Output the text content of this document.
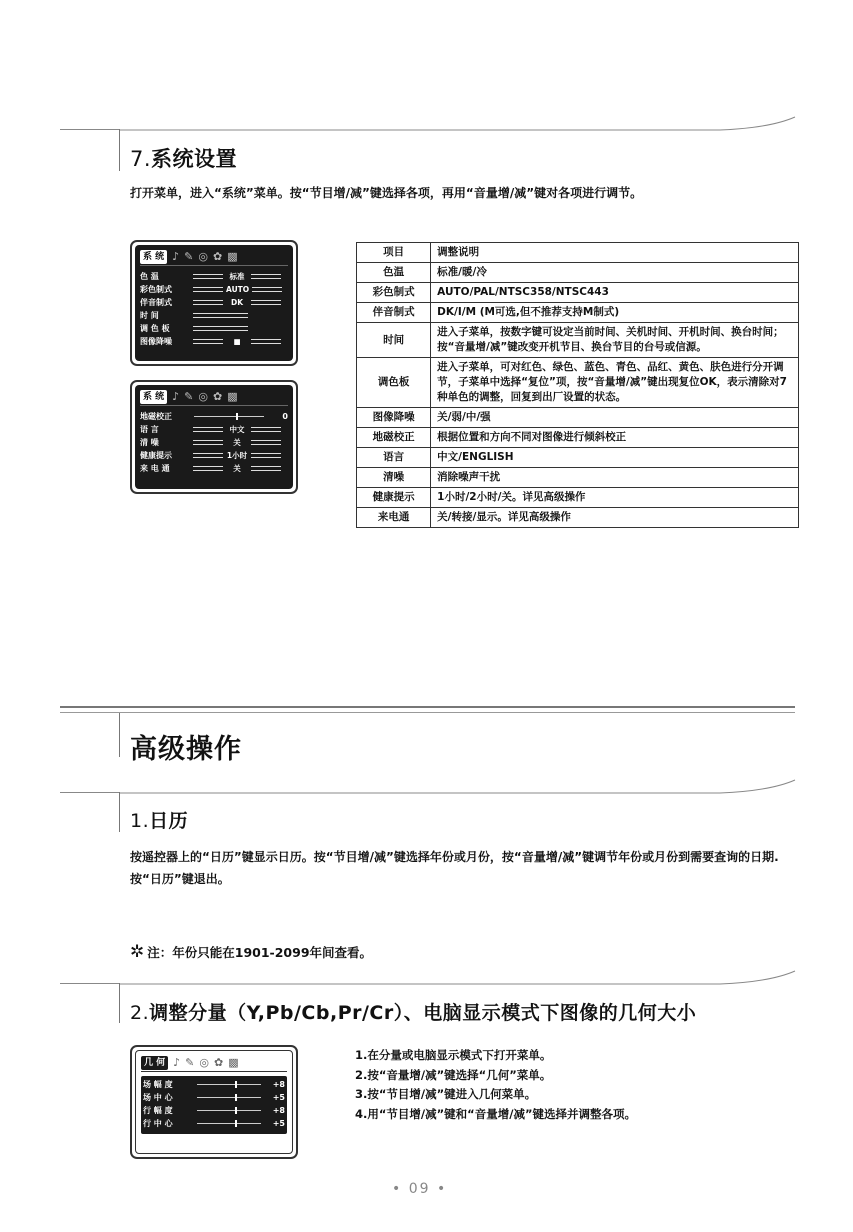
7.系统设置
打开菜单，进入“系统”菜单。按“节目增/减”键选择各项，再用“音量增/减”键对各项进行调节。
系 统 ♪ ✎ ◎ ✿ ▩
色 温	标准
彩色制式	AUTO
伴音制式	DK
时 间
调 色 板
图像降噪	■
系 统 ♪ ✎ ◎ ✿ ▩
地磁校正	0
语 言	中文
清 噪	关
健康提示	1小时
来 电 通	关
项目	调整说明
色温	标准/暖/冷
彩色制式	AUTO/PAL/NTSC358/NTSC443
伴音制式	DK/I/M (M可选,但不推荐支持M制式)
时间	进入子菜单，按数字键可设定当前时间、关机时间、开机时间、换台时间；按“音量增/减”键改变开机节目、换台节目的台号或信源。
调色板	进入子菜单，可对红色、绿色、蓝色、青色、品红、黄色、肤色进行分开调节，子菜单中选择“复位”项，按“音量增/减”键出现复位OK，表示清除对7种单色的调整，回复到出厂设置的状态。
图像降噪	关/弱/中/强
地磁校正	根据位置和方向不同对图像进行倾斜校正
语言	中文/ENGLISH
清噪	消除噪声干扰
健康提示	1小时/2小时/关。详见高级操作
来电通	关/转接/显示。详见高级操作
高级操作
1.日历
按遥控器上的“日历”键显示日历。按“节目增/减”键选择年份或月份，按“音量增/减”键调节年份或月份到需要查询的日期.按“日历”键退出。
✲ 注：年份只能在1901-2099年间查看。
2.调整分量（Y,Pb/Cb,Pr/Cr）、电脑显示模式下图像的几何大小
几 何 ♪ ✎ ◎ ✿ ▩
场 幅 度	+8
场 中 心	+5
行 幅 度	+8
行 中 心	+5
1.在分量或电脑显示模式下打开菜单。
2.按“音量增/减”键选择“几何”菜单。
3.按“节目增/减”键进入几何菜单。
4.用“节目增/减”键和“音量增/减”键选择并调整各项。
• 09 •
